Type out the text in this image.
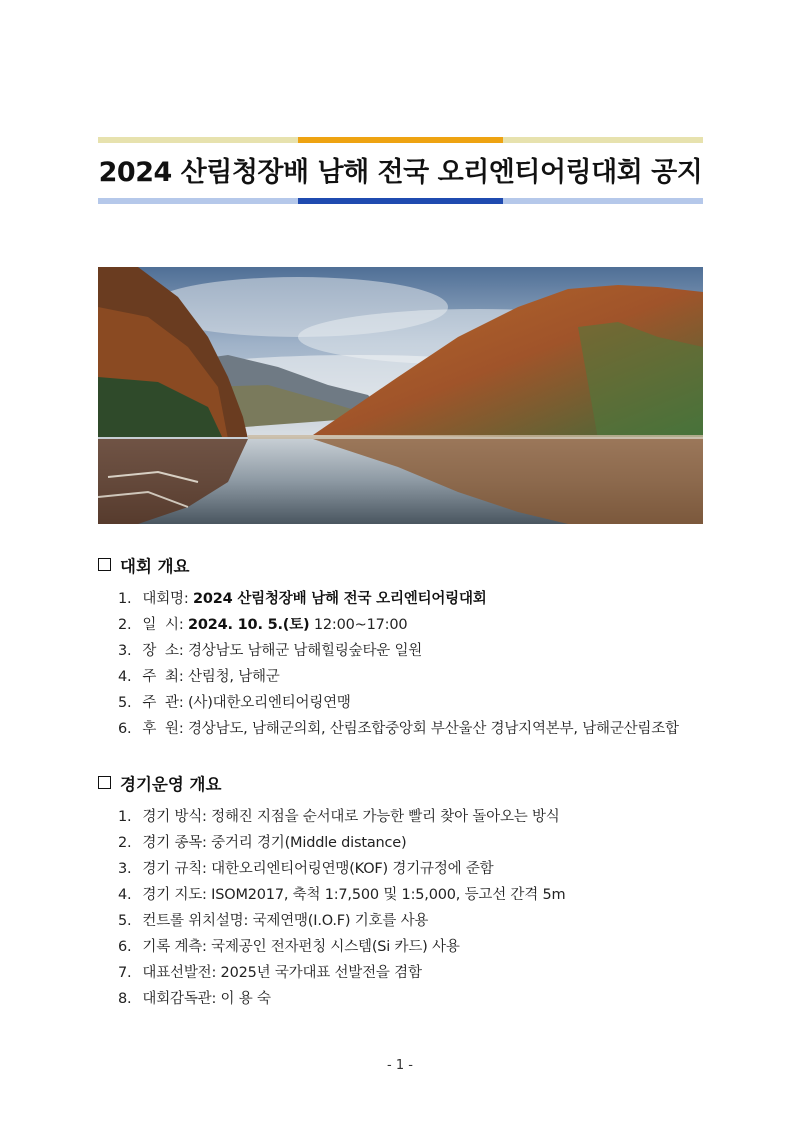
2024 산림청장배 남해 전국 오리엔티어링대회 공지
대회 개요
1. 대회명: 2024 산림청장배 남해 전국 오리엔티어링대회
2. 일  시: 2024. 10. 5.(토) 12:00~17:00
3. 장  소: 경상남도 남해군 남해힐링숲타운 일원
4. 주  최: 산림청, 남해군
5. 주  관: (사)대한오리엔티어링연맹
6. 후  원: 경상남도, 남해군의회, 산림조합중앙회 부산울산 경남지역본부, 남해군산림조합
경기운영 개요
1. 경기 방식: 정해진 지점을 순서대로 가능한 빨리 찾아 돌아오는 방식
2. 경기 종목: 중거리 경기(Middle distance)
3. 경기 규칙: 대한오리엔티어링연맹(KOF) 경기규정에 준함
4. 경기 지도: ISOM2017, 축척 1:7,500 및 1:5,000, 등고선 간격 5m
5. 컨트롤 위치설명: 국제연맹(I.O.F) 기호를 사용
6. 기록 계측: 국제공인 전자펀칭 시스템(Si 카드) 사용
7. 대표선발전: 2025년 국가대표 선발전을 겸함
8. 대회감독관: 이 용 숙
- 1 -
